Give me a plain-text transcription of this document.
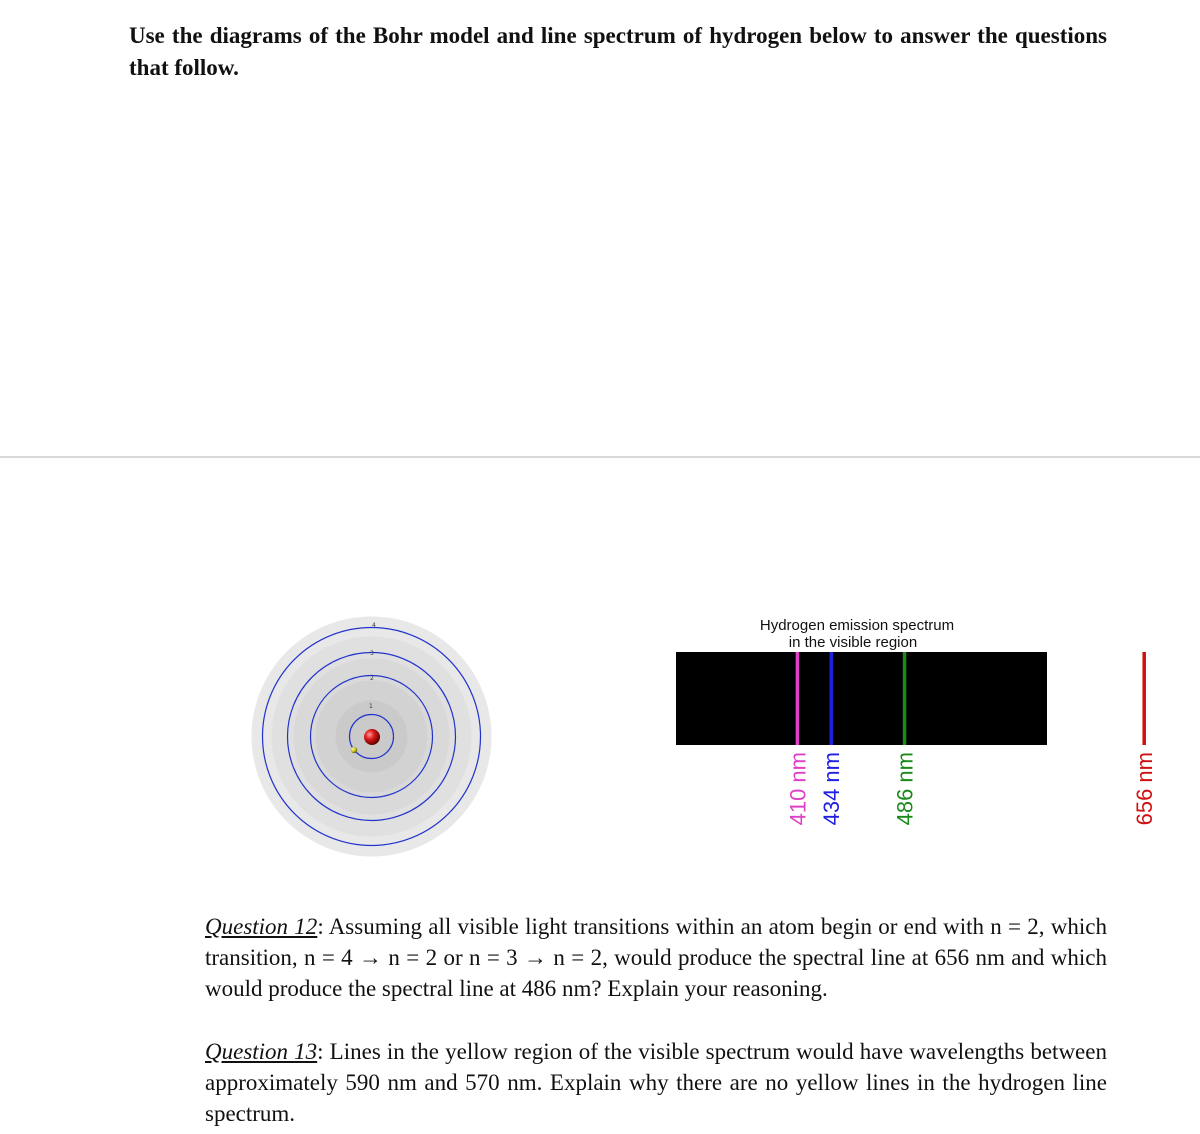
Use the diagrams of the Bohr model and line spectrum of hydrogen below to answer the questions that follow.

1
2
3
4	Hydrogen emission spectrum
in the visible region
410 nm 434 nm 486 nm	656 nm

Question 12: Assuming all visible light transitions within an atom begin or end with n = 2, which transition, n = 4 → n = 2 or n = 3 → n = 2, would produce the spectral line at 656 nm and which would produce the spectral line at 486 nm? Explain your reasoning.

Question 13: Lines in the yellow region of the visible spectrum would have wavelengths between approximately 590 nm and 570 nm. Explain why there are no yellow lines in the hydrogen line spectrum.
